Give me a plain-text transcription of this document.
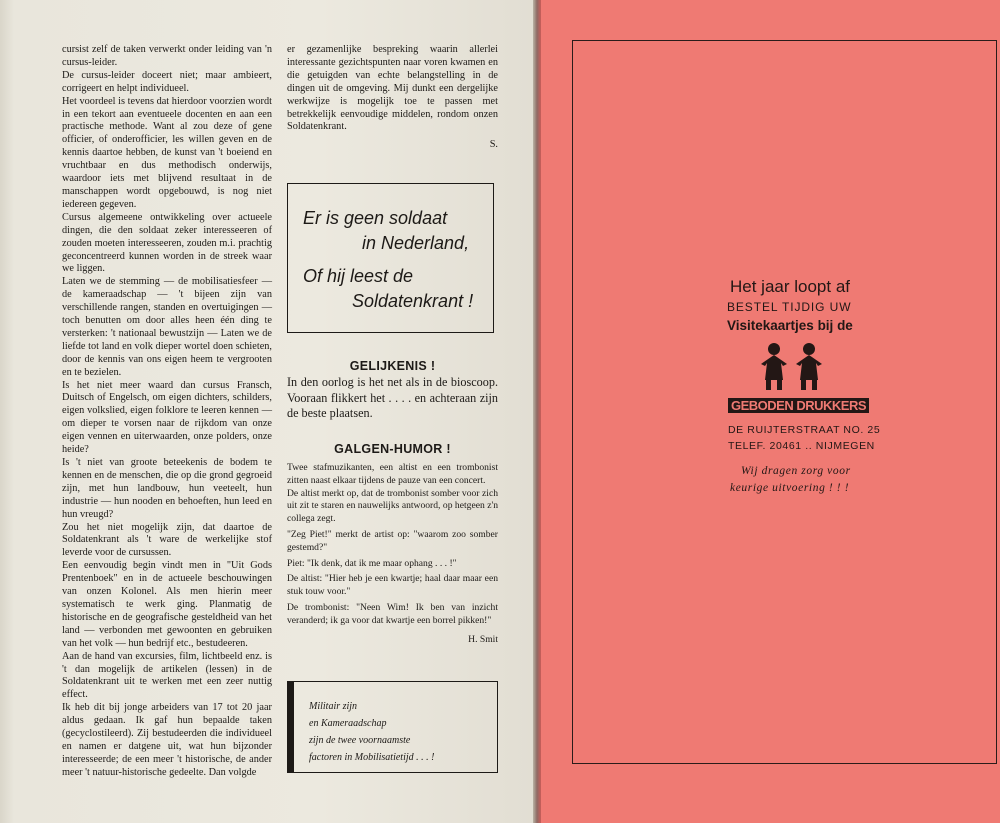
cursist zelf de taken verwerkt onder leiding van 'n cursus-leider.

De cursus-leider doceert niet; maar ambieert, corrigeert en helpt individueel.

Het voordeel is tevens dat hierdoor voorzien wordt in een tekort aan eventueele docenten en aan een practische methode. Want al zou deze of gene officier, of onderofficier, les willen geven en de kennis daartoe hebben, de kunst van 't boeiend en vruchtbaar en dus methodisch onderwijs, waardoor iets met blijvend resultaat in de manschappen wordt opgebouwd, is nog niet iedereen gegeven.

Cursus algemeene ontwikkeling over actueele dingen, die den soldaat zeker interesseeren of zouden moeten interesseeren, zouden m.i. prachtig geconcentreerd kunnen worden in de streek waar we liggen.

Laten we de stemming — de mobilisatiesfeer — de kameraadschap — 't bijeen zijn van verschillende rangen, standen en overtuigingen — toch benutten om door alles heen één ding te versterken: 't nationaal bewustzijn — Laten we de liefde tot land en volk dieper wortel doen schieten, door de kennis van ons eigen heem te vergrooten en te bezielen.

Is het niet meer waard dan cursus Fransch, Duitsch of Engelsch, om eigen dichters, schilders, eigen volkslied, eigen folklore te leeren kennen — om dieper te vorsen naar de rijkdom van onze eigen vennen en uiterwaarden, onze polders, onze heide?

Is 't niet van groote beteekenis de bodem te kennen en de menschen, die op die grond gegroeid zijn, met hun landbouw, hun veeteelt, hun industrie — hun nooden en behoeften, hun leed en hun vreugd?

Zou het niet mogelijk zijn, dat daartoe de Soldatenkrant als 't ware de werkelijke stof leverde voor de cursussen.

Een eenvoudig begin vindt men in "Uit Gods Prentenboek" en in de actueele beschouwingen van onzen Kolonel. Als men hierin meer systematisch te werk ging. Planmatig de historische en de geografische gesteldheid van het land — verbonden met gewoonten en gebruiken van het volk — hun bedrijf etc., bestudeeren.

Aan de hand van excursies, film, lichtbeeld enz. is 't dan mogelijk de artikelen (lessen) in de Soldatenkrant uit te werken met een zeer nuttig effect.

Ik heb dit bij jonge arbeiders van 17 tot 20 jaar aldus gedaan. Ik gaf hun bepaalde taken (gecyclostileerd). Zij bestudeerden die individueel en namen er datgene uit, wat hun bijzonder interesseerde; de een meer 't historische, de ander meer 't natuur-historische gedeelte. Dan volgde

er gezamenlijke bespreking waarin allerlei interessante gezichtspunten naar voren kwamen en die getuigden van echte belangstelling in de dingen uit de omgeving. Mij dunkt een dergelijke werkwijze is mogelijk toe te passen met betrekkelijk eenvoudige middelen, rondom onzen Soldatenkrant.

S.

Er is geen soldaat
in Nederland,
Of hij leest de
Soldatenkrant !
GELIJKENIS !
In den oorlog is het net als in de bioscoop. Vooraan flikkert het . . . . en achteraan zijn de beste plaatsen.
GALGEN-HUMOR !

Twee stafmuzikanten, een altist en een trombonist zitten naast elkaar tijdens de pauze van een concert.

De altist merkt op, dat de trombonist somber voor zich uit zit te staren en nauwelijks antwoord, op hetgeen z'n collega zegt.

"Zeg Piet!" merkt de artist op: "waarom zoo somber gestemd?"

Piet: "Ik denk, dat ik me maar ophang . . . !"

De altist: "Hier heb je een kwartje; haal daar maar een stuk touw voor."

De trombonist: "Neen Wim! Ik ben van inzicht veranderd; ik ga voor dat kwartje een borrel pikken!"

H. Smit

Militair zijn
en Kameraadschap
zijn de twee voornaamste
factoren in Mobilisatietijd . . . !
Het jaar loopt af
BESTEL TIJDIG UW
Visitekaartjes bij de
GEBODEN DRUKKERS
DE RUIJTERSTRAAT NO. 25
TELEF. 20461 .. NIJMEGEN
Wij dragen zorg voor
keurige uitvoering ! ! !
